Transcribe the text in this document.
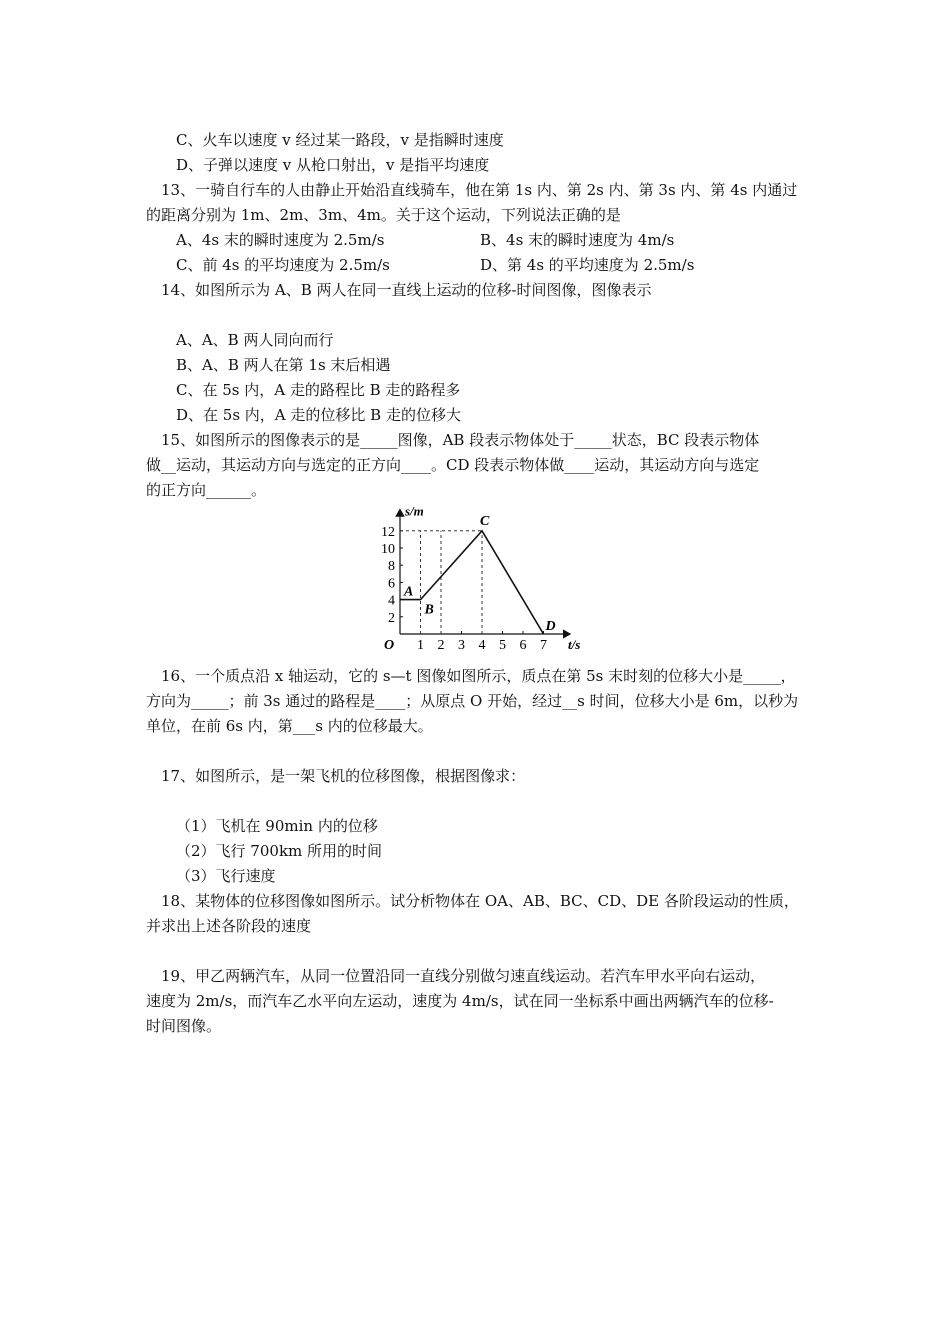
C、火车以速度 v 经过某一路段，v 是指瞬时速度
D、子弹以速度 v 从枪口射出，v 是指平均速度
13、一骑自行车的人由静止开始沿直线骑车，他在第 1s 内、第 2s 内、第 3s 内、第 4s 内通过
的距离分别为 1m、2m、3m、4m。关于这个运动，下列说法正确的是
A、4s 末的瞬时速度为 2.5m/s	B、4s 末的瞬时速度为 4m/s
C、前 4s 的平均速度为 2.5m/s	D、第 4s 的平均速度为 2.5m/s
14、如图所示为 A、B 两人在同一直线上运动的位移-时间图像，图像表示
A、A、B 两人同向而行
B、A、B 两人在第 1s 末后相遇
C、在 5s 内，A 走的路程比 B 走的路程多
D、在 5s 内，A 走的位移比 B 走的位移大
15、如图所示的图像表示的是_____图像，AB 段表示物体处于_____状态，BC 段表示物体
做__运动，其运动方向与选定的正方向____。CD 段表示物体做____运动，其运动方向与选定
的正方向______。
t/s
s/m
O 1 2 3 4 5 6 7
2
4
6
8
10
12
A
B
C
D
16、一个质点沿 x 轴运动，它的 s—t 图像如图所示，质点在第 5s 末时刻的位移大小是_____，
方向为_____；前 3s 通过的路程是____；从原点 O 开始，经过__s 时间，位移大小是 6m，以秒为
单位，在前 6s 内，第___s 内的位移最大。
17、如图所示，是一架飞机的位移图像，根据图像求：
（1）飞机在 90min 内的位移
（2）飞行 700km 所用的时间
（3）飞行速度
18、某物体的位移图像如图所示。试分析物体在 OA、AB、BC、CD、DE 各阶段运动的性质，
并求出上述各阶段的速度
19、甲乙两辆汽车，从同一位置沿同一直线分别做匀速直线运动。若汽车甲水平向右运动，
速度为 2m/s，而汽车乙水平向左运动，速度为 4m/s，试在同一坐标系中画出两辆汽车的位移-
时间图像。
